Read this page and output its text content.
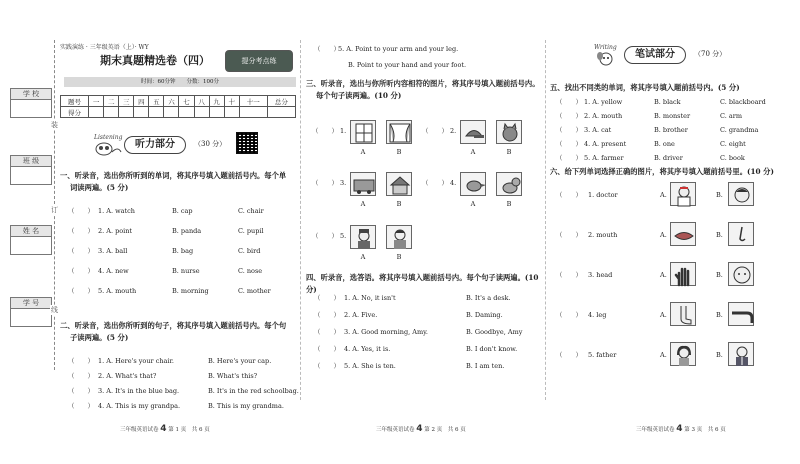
学 校
班 级
姓 名
学 号
装
订
线
实践演练 · 三年级英语（上）· WY
期末真题精选卷（四）	提分考点练
时间：60分钟　　分数：100分
题号	一	二	三	四	五	六	七	八	九	十	十一	总分
得分												
Listening
听力部分	（30 分）
一、听录音，选出你所听到的单词，将其序号填入题前括号内。每个单
词读两遍。(5 分)
二、听录音，选出你所听到的句子，将其序号填入题前括号内。每个句
子读两遍。(5 分)
三年级英语试卷 4 第 1 页　共 6 页
（　　） 1. A. watch	B. cap	C. chair
（　　） 2. A. point	B. panda	C. pupil
（　　） 3. A. ball	B. bag	C. bird
（　　） 4. A. new	B. nurse	C. nose
（　　） 5. A. mouth	B. morning	C. mother
（　　） 1. A. Here's your chair.	B. Here's your cap.
（　　） 2. A. What's that?	B. What's this?
（　　） 3. A. It's in the blue bag.	B. It's in the red schoolbag.
（　　） 4. A. This is my grandpa.	B. This is my grandma.
三、听录音，选出与你所听内容相符的图片，将其序号填入题前括号内。
每个句子读两遍。(10 分)
四、听录音，选答语。将其序号填入题前括号内。每个句子读两遍。(10 分)
三年级英语试卷 4 第 2 页　共 6 页
（　　）
5. A. Point to your arm and your leg.
B. Point to your hand and your foot.
（　　） 1.
A	B
（　　） 2.
A	B
（　　） 3.
A	B
（　　） 4.
A	B
（　　） 5.
A	B
（　　） 1. A. No, it isn't	B. It's a desk.
（　　） 2. A. Five.	B. Daming.
（　　） 3. A. Good morning, Amy.	B. Goodbye, Amy
（　　） 4. A. Yes, it is.	B. I don't know.
（　　） 5. A. She is ten.	B. I am ten.
Writing
笔试部分	（70 分）
五、找出不同类的单词，将其序号填入题前括号内。(5 分)
六、给下列单词选择正确的图片，将其序号填入题前括号里。(10 分)
三年级英语试卷 4 第 3 页　共 6 页
（　　） 1. A. yellow	B. black	C. blackboard
（　　） 2. A. mouth	B. monster	C. arm
（　　） 3. A. cat	B. brother	C. grandma
（　　） 4. A. present	B. one	C. eight
（　　） 5. A. farmer	B. driver	C. book
（　　） 1. doctor	A.	B.
（　　） 2. mouth	A.	B.
（　　） 3. head	A.	B.
（　　） 4. leg	A.	B.
（　　） 5. father	A.	B.
